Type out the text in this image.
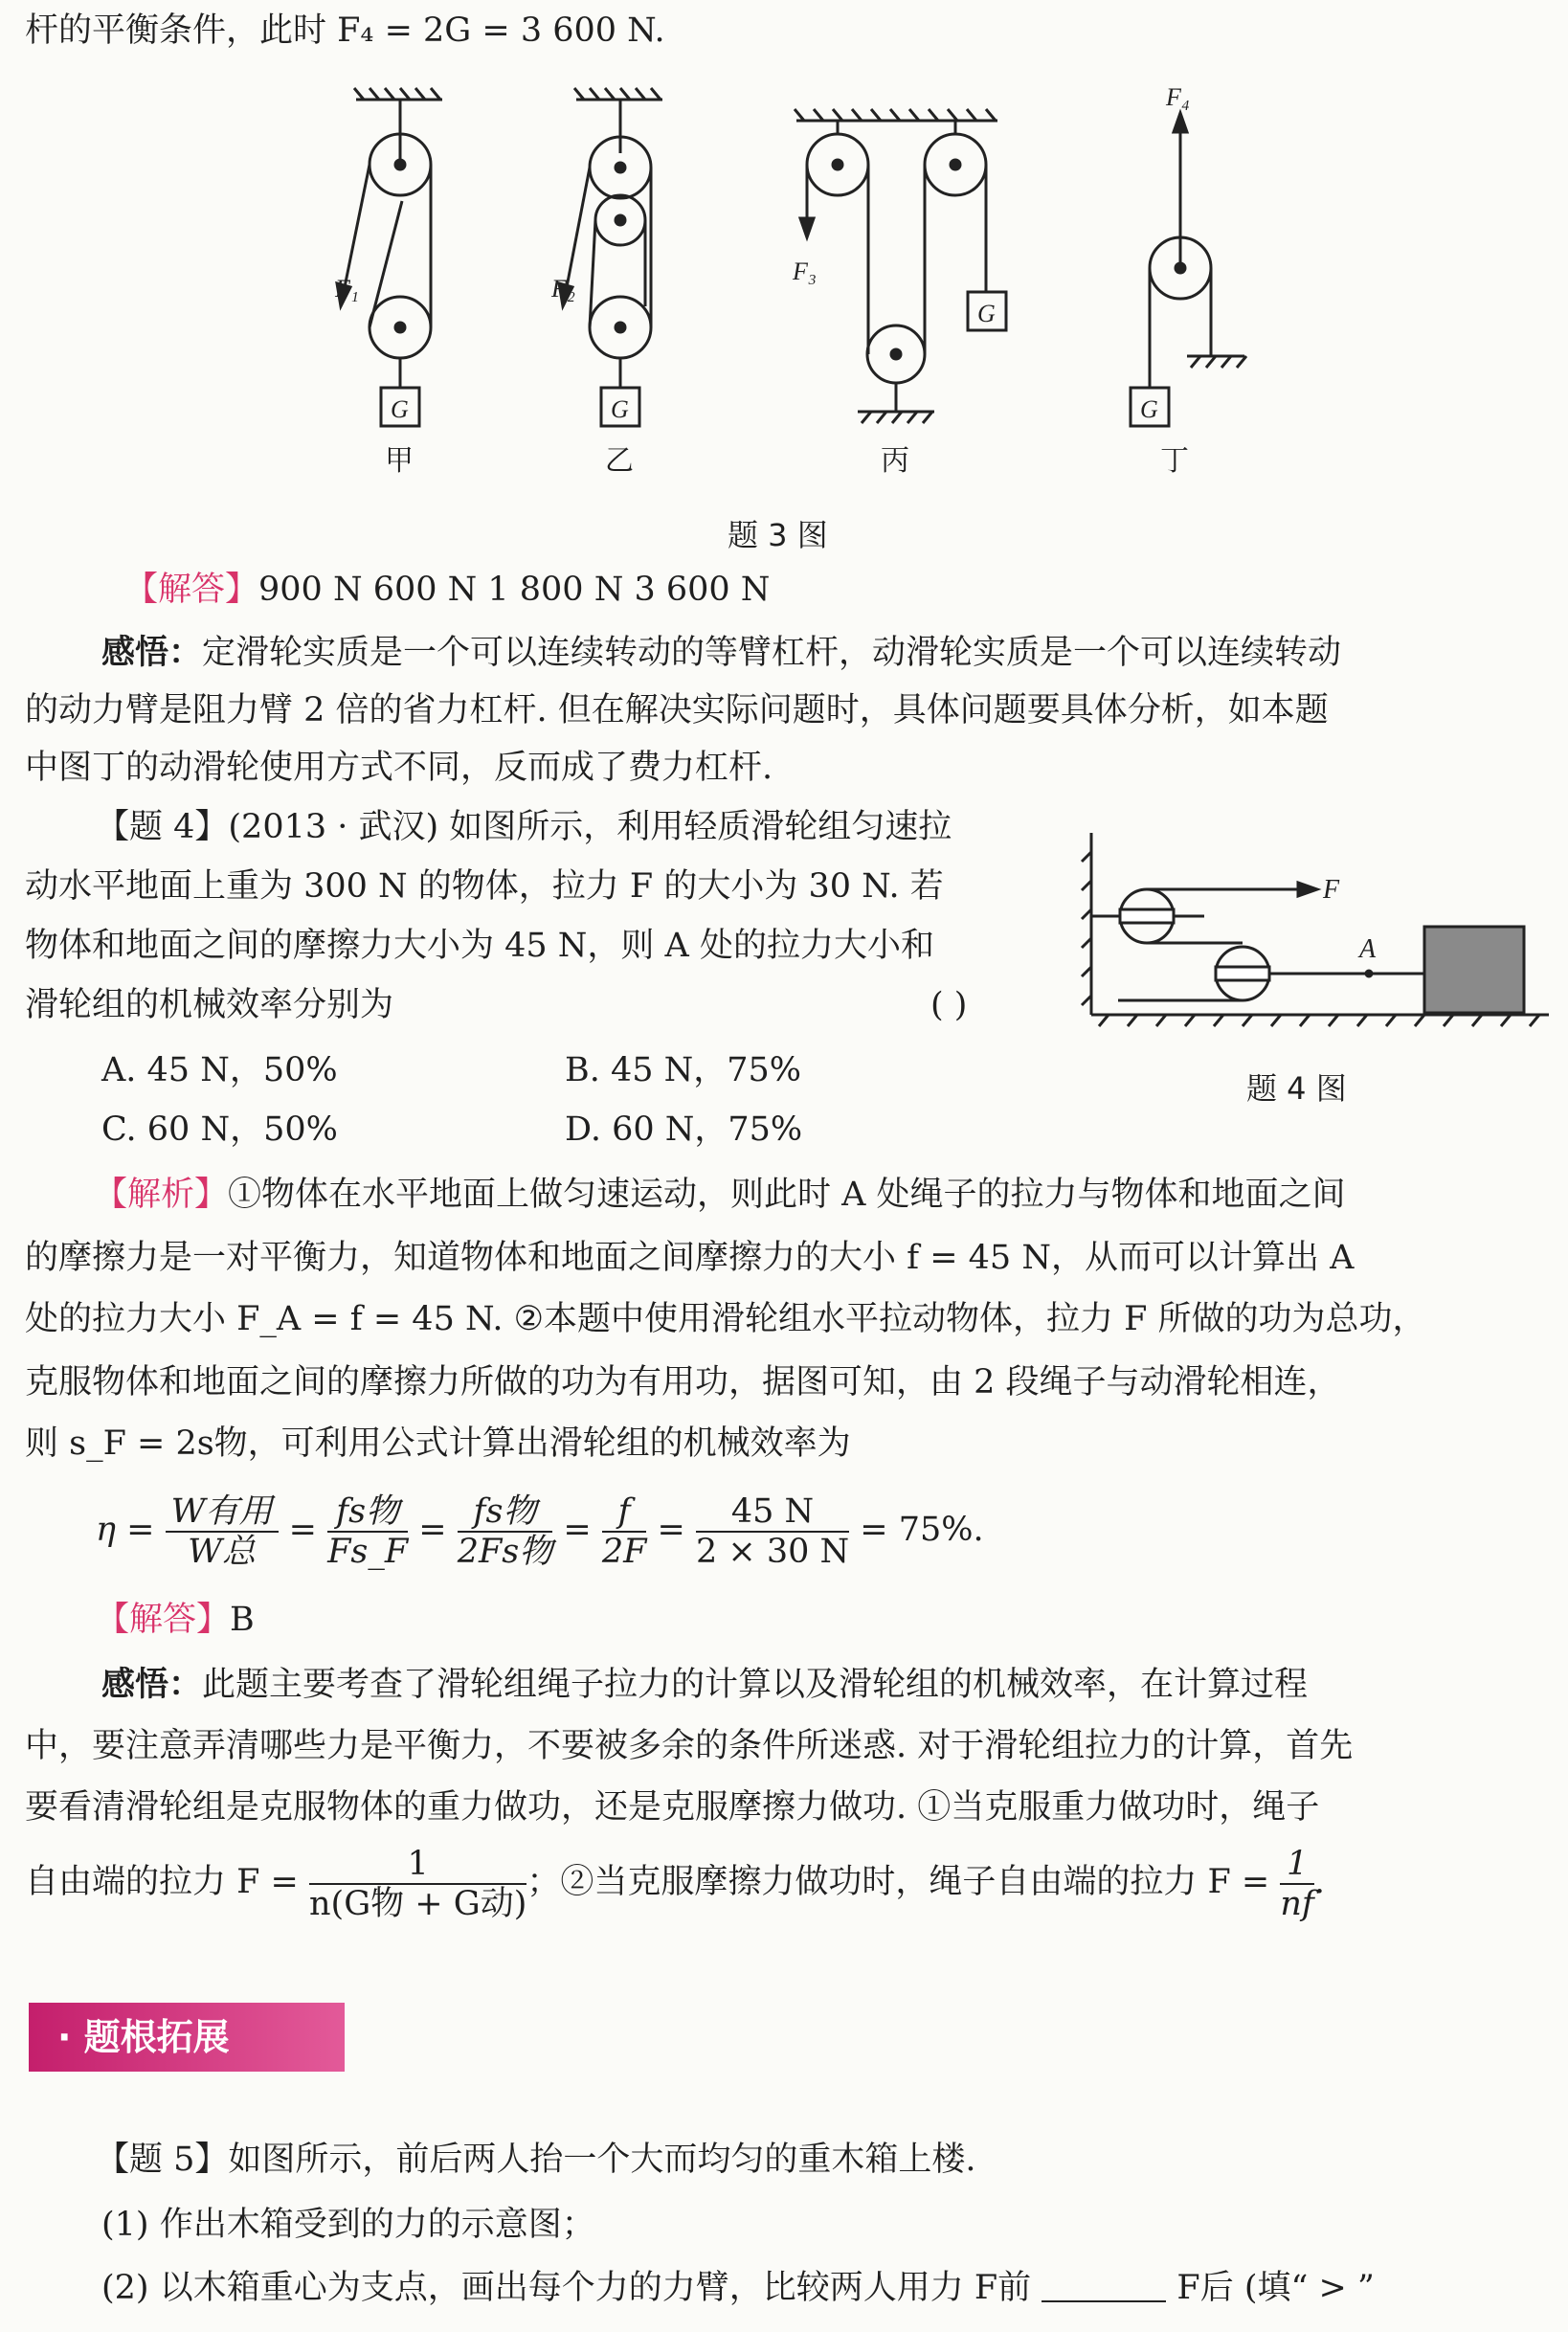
杆的平衡条件，此时 F₄ = 2G = 3 600 N.
F₁	F₂
F₃
F₄
G	G
G
G
甲	乙	丙	丁
题 3 图
【解答】900 N 600 N 1 800 N 3 600 N
感悟：定滑轮实质是一个可以连续转动的等臂杠杆，动滑轮实质是一个可以连续转动
的动力臂是阻力臂 2 倍的省力杠杆. 但在解决实际问题时，具体问题要具体分析，如本题
中图丁的动滑轮使用方式不同，反而成了费力杠杆.
【题 4】(2013 · 武汉) 如图所示，利用轻质滑轮组匀速拉
动水平地面上重为 300 N 的物体，拉力 F 的大小为 30 N. 若
物体和地面之间的摩擦力大小为 45 N，则 A 处的拉力大小和
滑轮组的机械效率分别为	( )
A. 45 N，50%	B. 45 N，75%
C. 60 N，50%	D. 60 N，75%
F
A
题 4 图
【解析】①物体在水平地面上做匀速运动，则此时 A 处绳子的拉力与物体和地面之间
的摩擦力是一对平衡力，知道物体和地面之间摩擦力的大小 f = 45 N，从而可以计算出 A
处的拉力大小 F_A = f = 45 N. ②本题中使用滑轮组水平拉动物体，拉力 F 所做的功为总功，
克服物体和地面之间的摩擦力所做的功为有用功，据图可知，由 2 段绳子与动滑轮相连，
则 s_F = 2s物，可利用公式计算出滑轮组的机械效率为
$\eta = \frac{\text{W有用}}{\text{W总}} = \frac{\text{fs物}}{Fs\_F} = \frac{\text{fs物}}{\text{2Fs物}} = \frac{f}{2F} = \frac{45 N}{2 \times 30 N} = 75\%$.
【解答】B
感悟：此题主要考查了滑轮组绳子拉力的计算以及滑轮组的机械效率，在计算过程
中，要注意弄清哪些力是平衡力，不要被多余的条件所迷惑. 对于滑轮组拉力的计算，首先
要看清滑轮组是克服物体的重力做功，还是克服摩擦力做功. ①当克服重力做功时，绳子
自由端的拉力 $F = \frac{1}{\text{n(G物 + G动)}}$ ；②当克服摩擦力做功时，绳子自由端的拉力 $F = \frac{1}{nf}$ .
· 题根拓展
【题 5】如图所示，前后两人抬一个大而均匀的重木箱上楼.
(1) 作出木箱受到的力的示意图；
(2) 以木箱重心为支点，画出每个力的力臂，比较两人用力 F前	F后 (填“ > ”
